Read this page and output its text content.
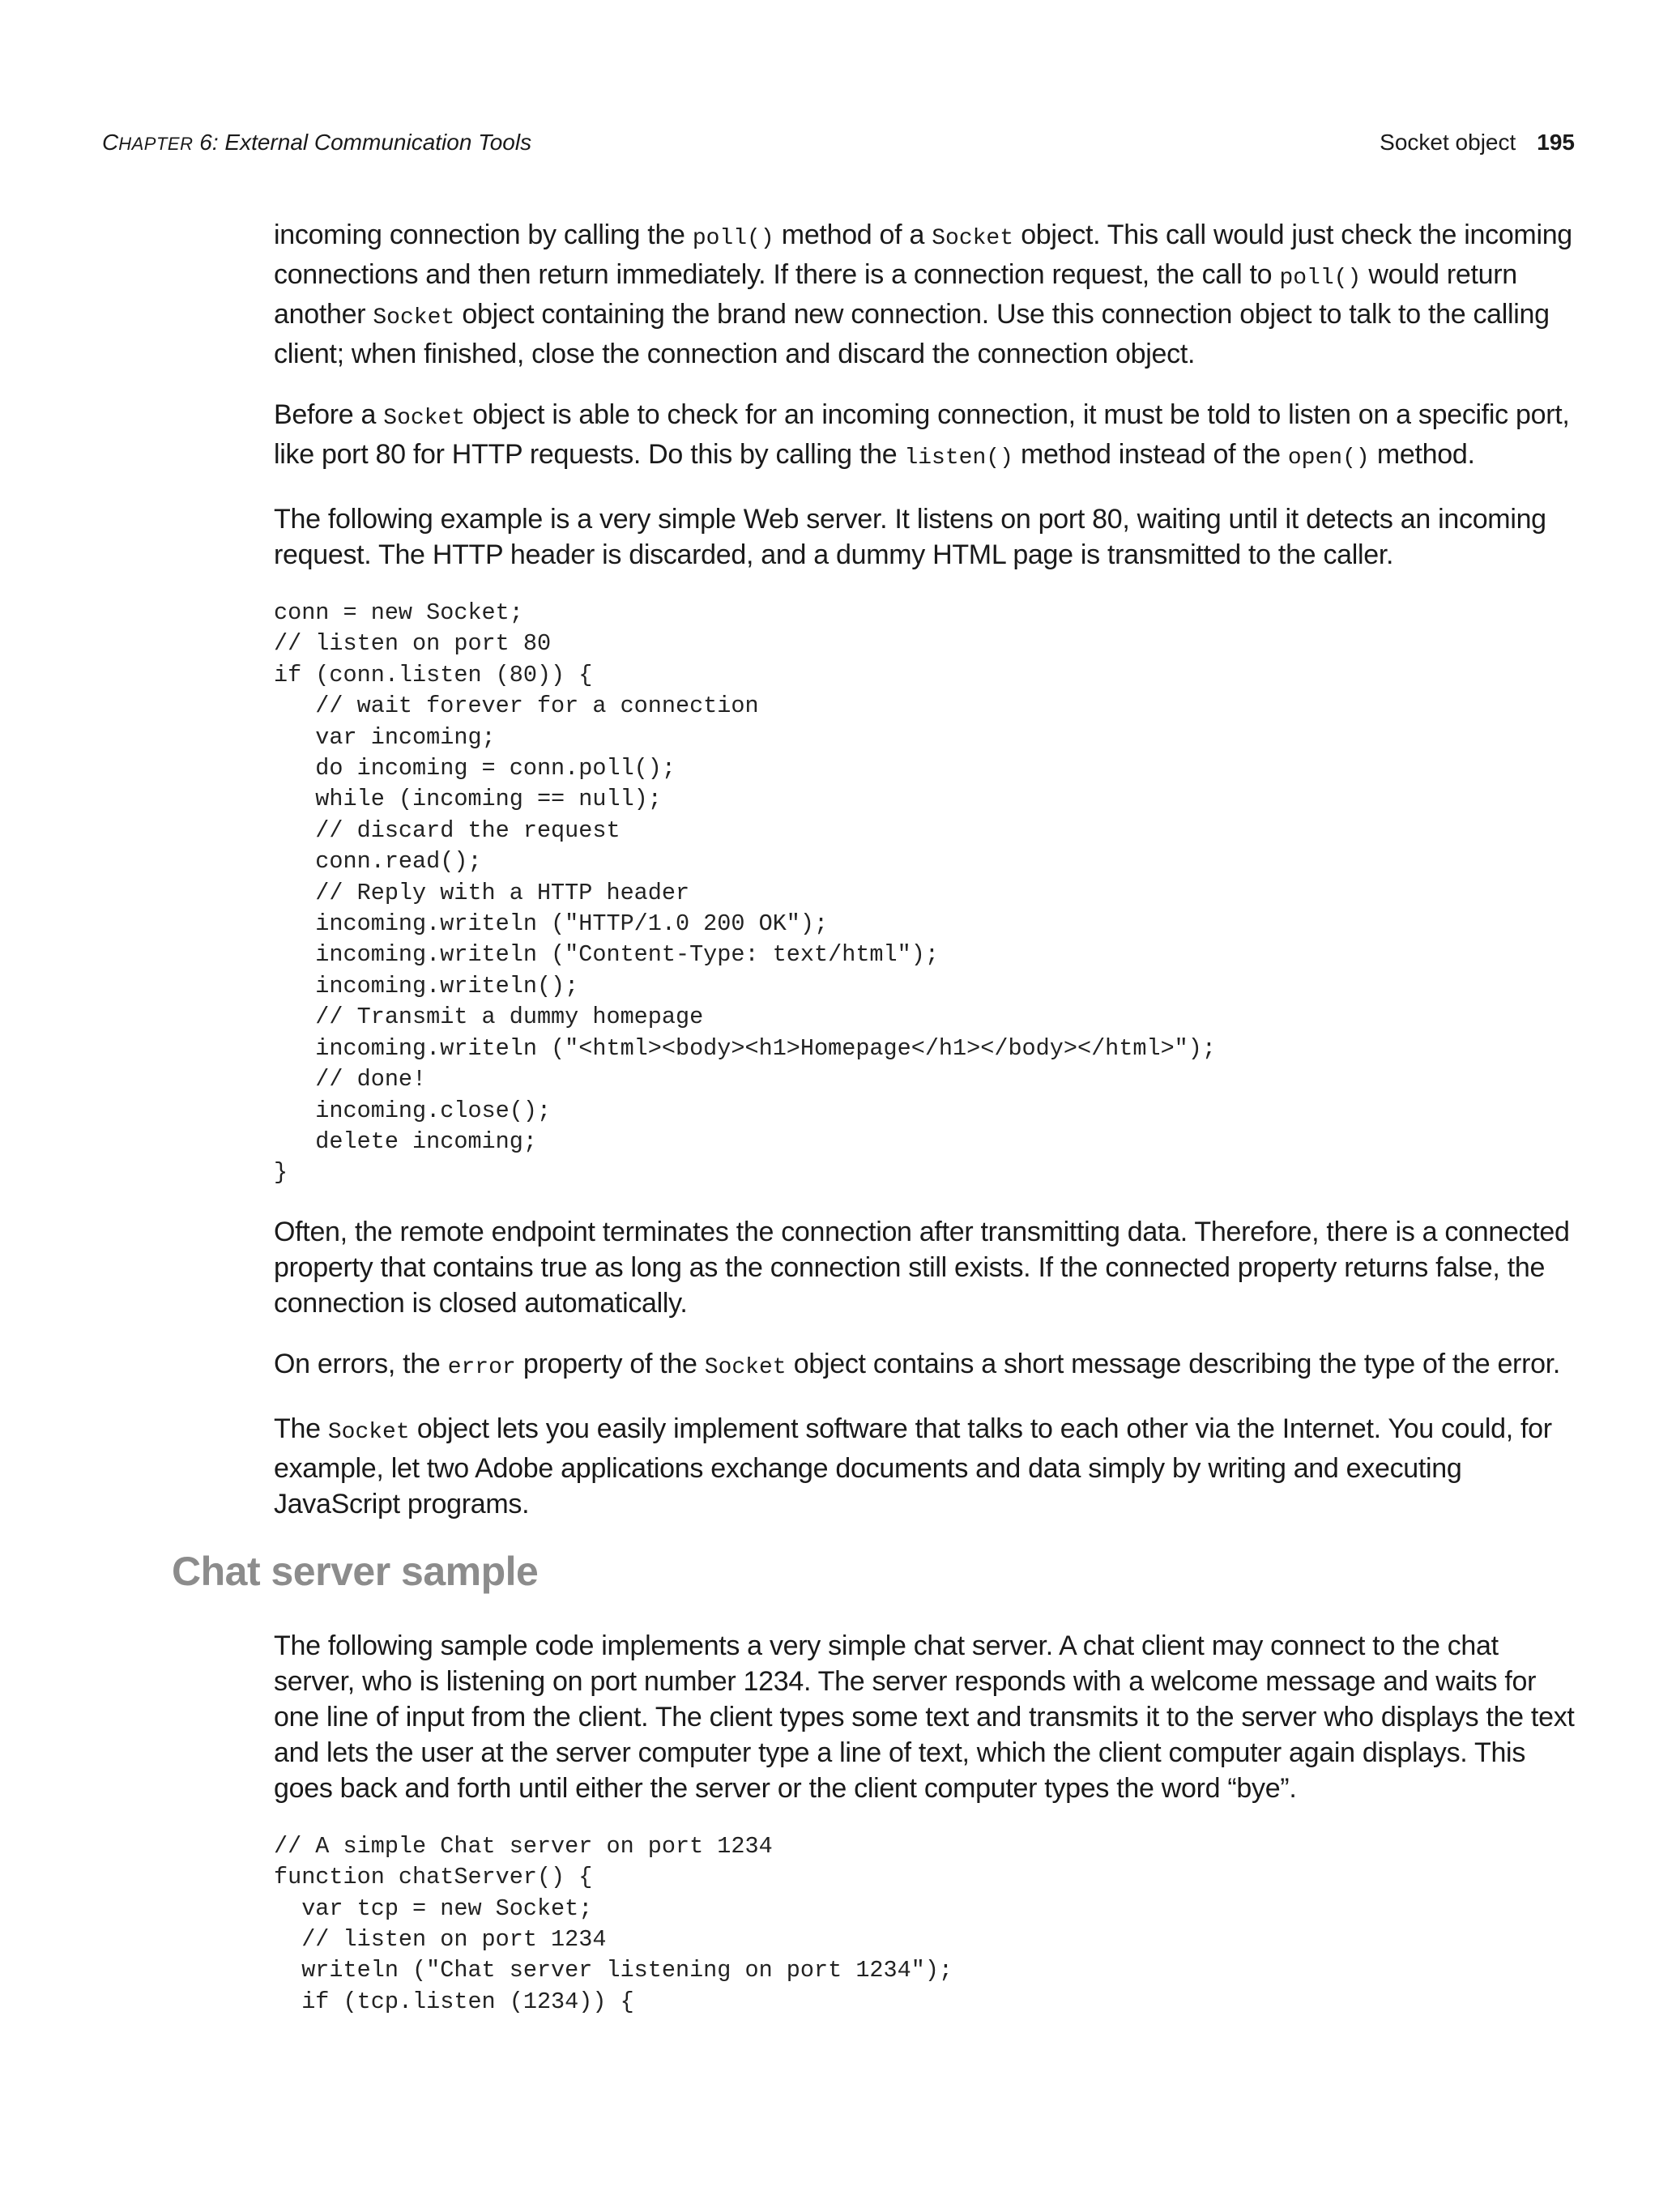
CHAPTER 6: External Communication Tools	Socket object 195

incoming connection by calling the poll() method of a Socket object. This call would just check the incoming connections and then return immediately. If there is a connection request, the call to poll() would return another Socket object containing the brand new connection. Use this connection object to talk to the calling client; when finished, close the connection and discard the connection object.

Before a Socket object is able to check for an incoming connection, it must be told to listen on a specific port, like port 80 for HTTP requests. Do this by calling the listen() method instead of the open() method.

The following example is a very simple Web server. It listens on port 80, waiting until it detects an incoming request. The HTTP header is discarded, and a dummy HTML page is transmitted to the caller.

conn = new Socket;
// listen on port 80
if (conn.listen (80)) {
// wait forever for a connection
var incoming;
do incoming = conn.poll();
while (incoming == null);
// discard the request
conn.read();
// Reply with a HTTP header
incoming.writeln ("HTTP/1.0 200 OK");
incoming.writeln ("Content-Type: text/html");
incoming.writeln();
// Transmit a dummy homepage
incoming.writeln ("<html><body><h1>Homepage</h1></body></html>");
// done!
incoming.close();
delete incoming;
}

Often, the remote endpoint terminates the connection after transmitting data. Therefore, there is a connected property that contains true as long as the connection still exists. If the connected property returns false, the connection is closed automatically.

On errors, the error property of the Socket object contains a short message describing the type of the error.

The Socket object lets you easily implement software that talks to each other via the Internet. You could, for example, let two Adobe applications exchange documents and data simply by writing and executing JavaScript programs.

Chat server sample

The following sample code implements a very simple chat server. A chat client may connect to the chat server, who is listening on port number 1234. The server responds with a welcome message and waits for one line of input from the client. The client types some text and transmits it to the server who displays the text and lets the user at the server computer type a line of text, which the client computer again displays. This goes back and forth until either the server or the client computer types the word “bye”.

// A simple Chat server on port 1234
function chatServer() {
var tcp = new Socket;
// listen on port 1234
writeln ("Chat server listening on port 1234");
if (tcp.listen (1234)) {
